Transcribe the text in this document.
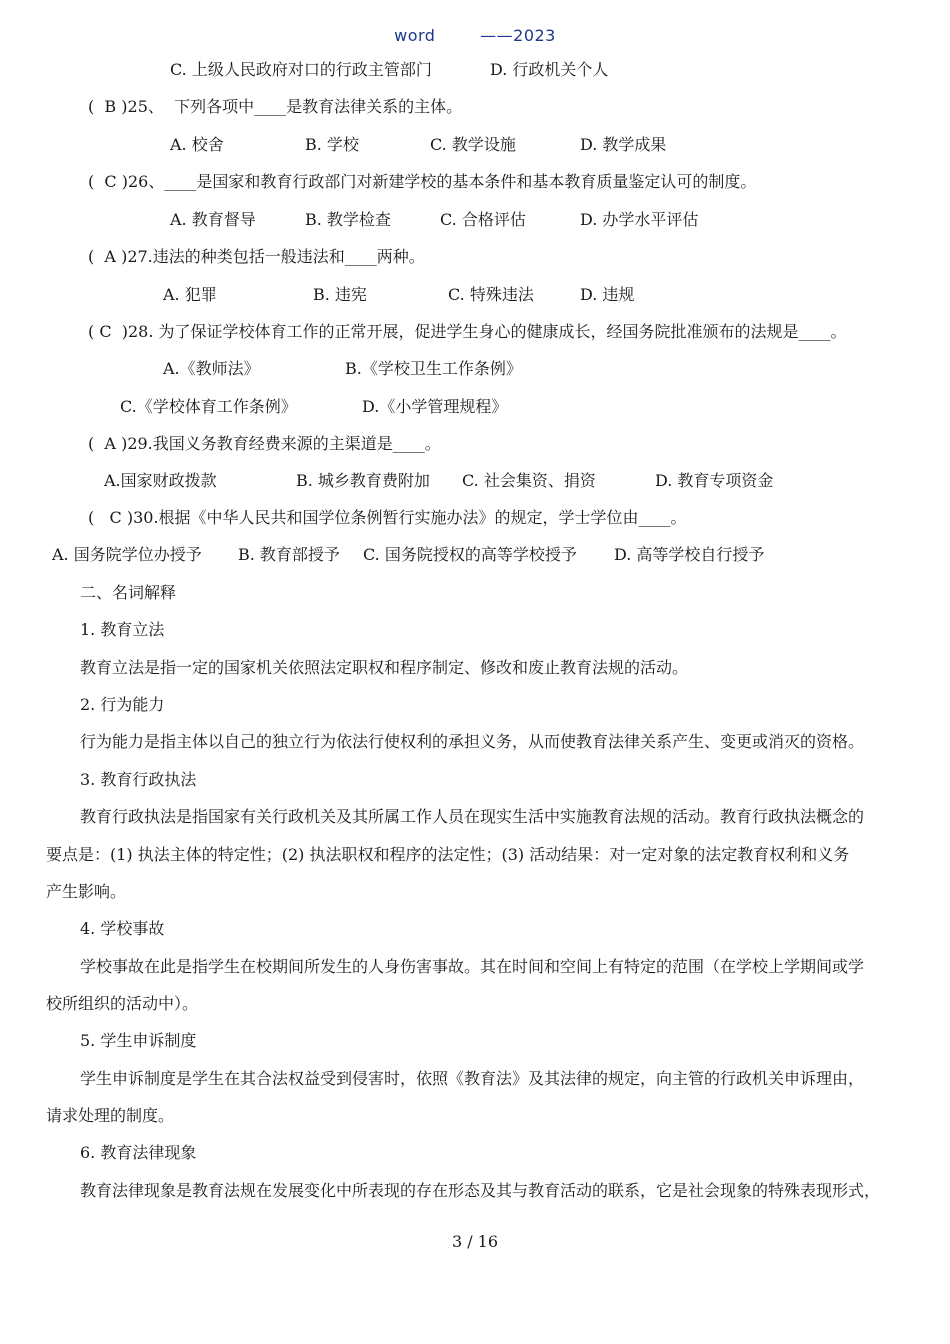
word        ——2023
C. 上级人民政府对口的行政主管部门	D. 行政机关个人
(  B )25、 下列各项中____是教育法律关系的主体。
A. 校舍	B. 学校	C. 教学设施	D. 教学成果
(  C )26、____是国家和教育行政部门对新建学校的基本条件和基本教育质量鉴定认可的制度。
A. 教育督导	B. 教学检查	C. 合格评估	D. 办学水平评估
(  A )27.违法的种类包括一般违法和____两种。
A. 犯罪	B. 违宪	C. 特殊违法	D. 违规
( C  )28. 为了保证学校体育工作的正常开展，促进学生身心的健康成长，经国务院批准颁布的法规是____。
A.《教师法》	B.《学校卫生工作条例》
C.《学校体育工作条例》	D.《小学管理规程》
(  A )29.我国义务教育经费来源的主渠道是____。
A.国家财政拨款	B. 城乡教育费附加 C. 社会集资、捐资	D. 教育专项资金
(   C )30.根据《中华人民共和国学位条例暂行实施办法》的规定，学士学位由____。
A. 国务院学位办授予 B. 教育部授予 C. 国务院授权的高等学校授予 D. 高等学校自行授予
二、名词解释
1. 教育立法
教育立法是指一定的国家机关依照法定职权和程序制定、修改和废止教育法规的活动。
2. 行为能力
行为能力是指主体以自己的独立行为依法行使权利的承担义务，从而使教育法律关系产生、变更或消灭的资格。
3. 教育行政执法
教育行政执法是指国家有关行政机关及其所属工作人员在现实生活中实施教育法规的活动。教育行政执法概念的
要点是：(1) 执法主体的特定性；(2) 执法职权和程序的法定性；(3) 活动结果：对一定对象的法定教育权利和义务
产生影响。
4. 学校事故
学校事故在此是指学生在校期间所发生的人身伤害事故。其在时间和空间上有特定的范围（在学校上学期间或学
校所组织的活动中）。
5. 学生申诉制度
学生申诉制度是学生在其合法权益受到侵害时，依照《教育法》及其法律的规定，向主管的行政机关申诉理由，
请求处理的制度。
6. 教育法律现象
教育法律现象是教育法规在发展变化中所表现的存在形态及其与教育活动的联系，它是社会现象的特殊表现形式，
3 / 16
